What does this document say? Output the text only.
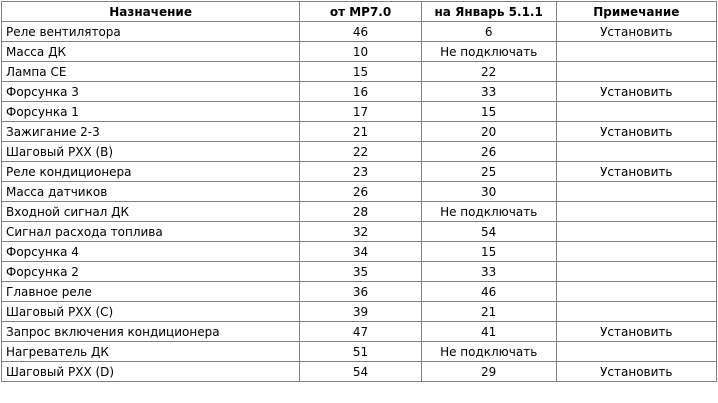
Назначение	от МР7.0	на Январь 5.1.1	Примечание
Реле вентилятора	46	6	Установить
Масса ДК	10	Не подключать	
Лампа CE	15	22	
Форсунка 3	16	33	Установить
Форсунка 1	17	15	
Зажигание 2-3	21	20	Установить
Шаговый РХХ (В)	22	26	
Реле кондиционера	23	25	Установить
Масса датчиков	26	30	
Входной сигнал ДК	28	Не подключать	
Сигнал расхода топлива	32	54	
Форсунка 4	34	15	
Форсунка 2	35	33	
Главное реле	36	46	
Шаговый РХХ (С)	39	21	
Запрос включения кондиционера	47	41	Установить
Нагреватель ДК	51	Не подключать	
Шаговый РХХ (D)	54	29	Установить
